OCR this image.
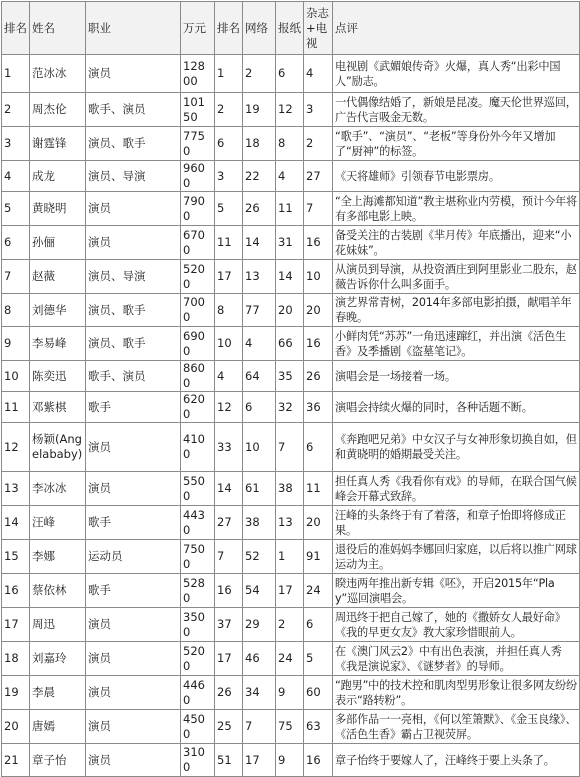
排名	姓名	职业	万元	排名	网络	报纸	杂志+电视	点评
1	范冰冰	演员	12800	1	2	6	4	电视剧《武媚娘传奇》火爆，真人秀“出彩中国人”励志。
2	周杰伦	歌手、演员	10150	2	19	12	3	一代偶像结婚了，新娘是昆凌。魔天伦世界巡回，广告代言吸金无数。
3	谢霆锋	演员、歌手	7750	6	18	8	2	“歌手”、“演员”、“老板”等身份外今年又增加了“厨神”的标签。
4	成龙	演员、导演	9600	3	22	4	27	《天将雄师》引领春节电影票房。
5	黄晓明	演员	7900	5	26	11	7	“全上海滩都知道”教主堪称业内劳模，预计今年将有多部电影上映。
6	孙俪	演员	6700	11	14	31	16	备受关注的古装剧《芈月传》年底播出，迎来“小花妹妹”。
7	赵薇	演员、导演	5200	17	13	14	10	从演员到导演，从投资酒庄到阿里影业二股东，赵薇告诉你什么叫多面手。
8	刘德华	演员、歌手	7000	8	77	20	20	演艺界常青树，2014年多部电影拍摄，献唱羊年春晚。
9	李易峰	演员、歌手	6900	10	4	66	16	小鲜肉凭“苏苏”一角迅速蹿红，并出演《活色生香》及季播剧《盗墓笔记》。
10	陈奕迅	歌手、演员	8600	4	64	35	26	演唱会是一场接着一场。
11	邓紫棋	歌手	6200	12	6	32	36	演唱会持续火爆的同时，各种话题不断。
12	杨颖(Angelababy)	演员	4100	33	10	7	6	《奔跑吧兄弟》中女汉子与女神形象切换自如，但和黄晓明的婚期最受关注。
13	李冰冰	演员	5500	14	61	38	11	担任真人秀《我看你有戏》的导师，在联合国气候峰会开幕式致辞。
14	汪峰	歌手	4430	27	38	13	20	汪峰的头条终于有了着落，和章子怡即将修成正果。
15	李娜	运动员	7500	7	52	1	91	退役后的准妈妈李娜回归家庭，以后将以推广网球运动为主。
16	蔡依林	歌手	5280	16	54	17	24	睽违两年推出新专辑《呸》，开启2015年“Play”巡回演唱会。
17	周迅	演员	3500	37	29	2	6	周迅终于把自己嫁了，她的《撒娇女人最好命》《我的早更女友》教大家珍惜眼前人。
18	刘嘉玲	演员	5200	17	46	24	5	在《澳门风云2》中有出色表演，并担任真人秀《我是演说家》、《谜梦者》的导师。
19	李晨	演员	4460	26	34	9	60	“跑男”中的技术控和肌肉型男形象让很多网友纷纷表示“路转粉”。
20	唐嫣	演员	4500	25	7	75	63	多部作品一一亮相，《何以笙箫默》、《金玉良缘》、《活色生香》霸占卫视荧屏。
21	章子怡	演员	3100	51	17	9	16	章子怡终于要嫁人了，汪峰终于要上头条了。
